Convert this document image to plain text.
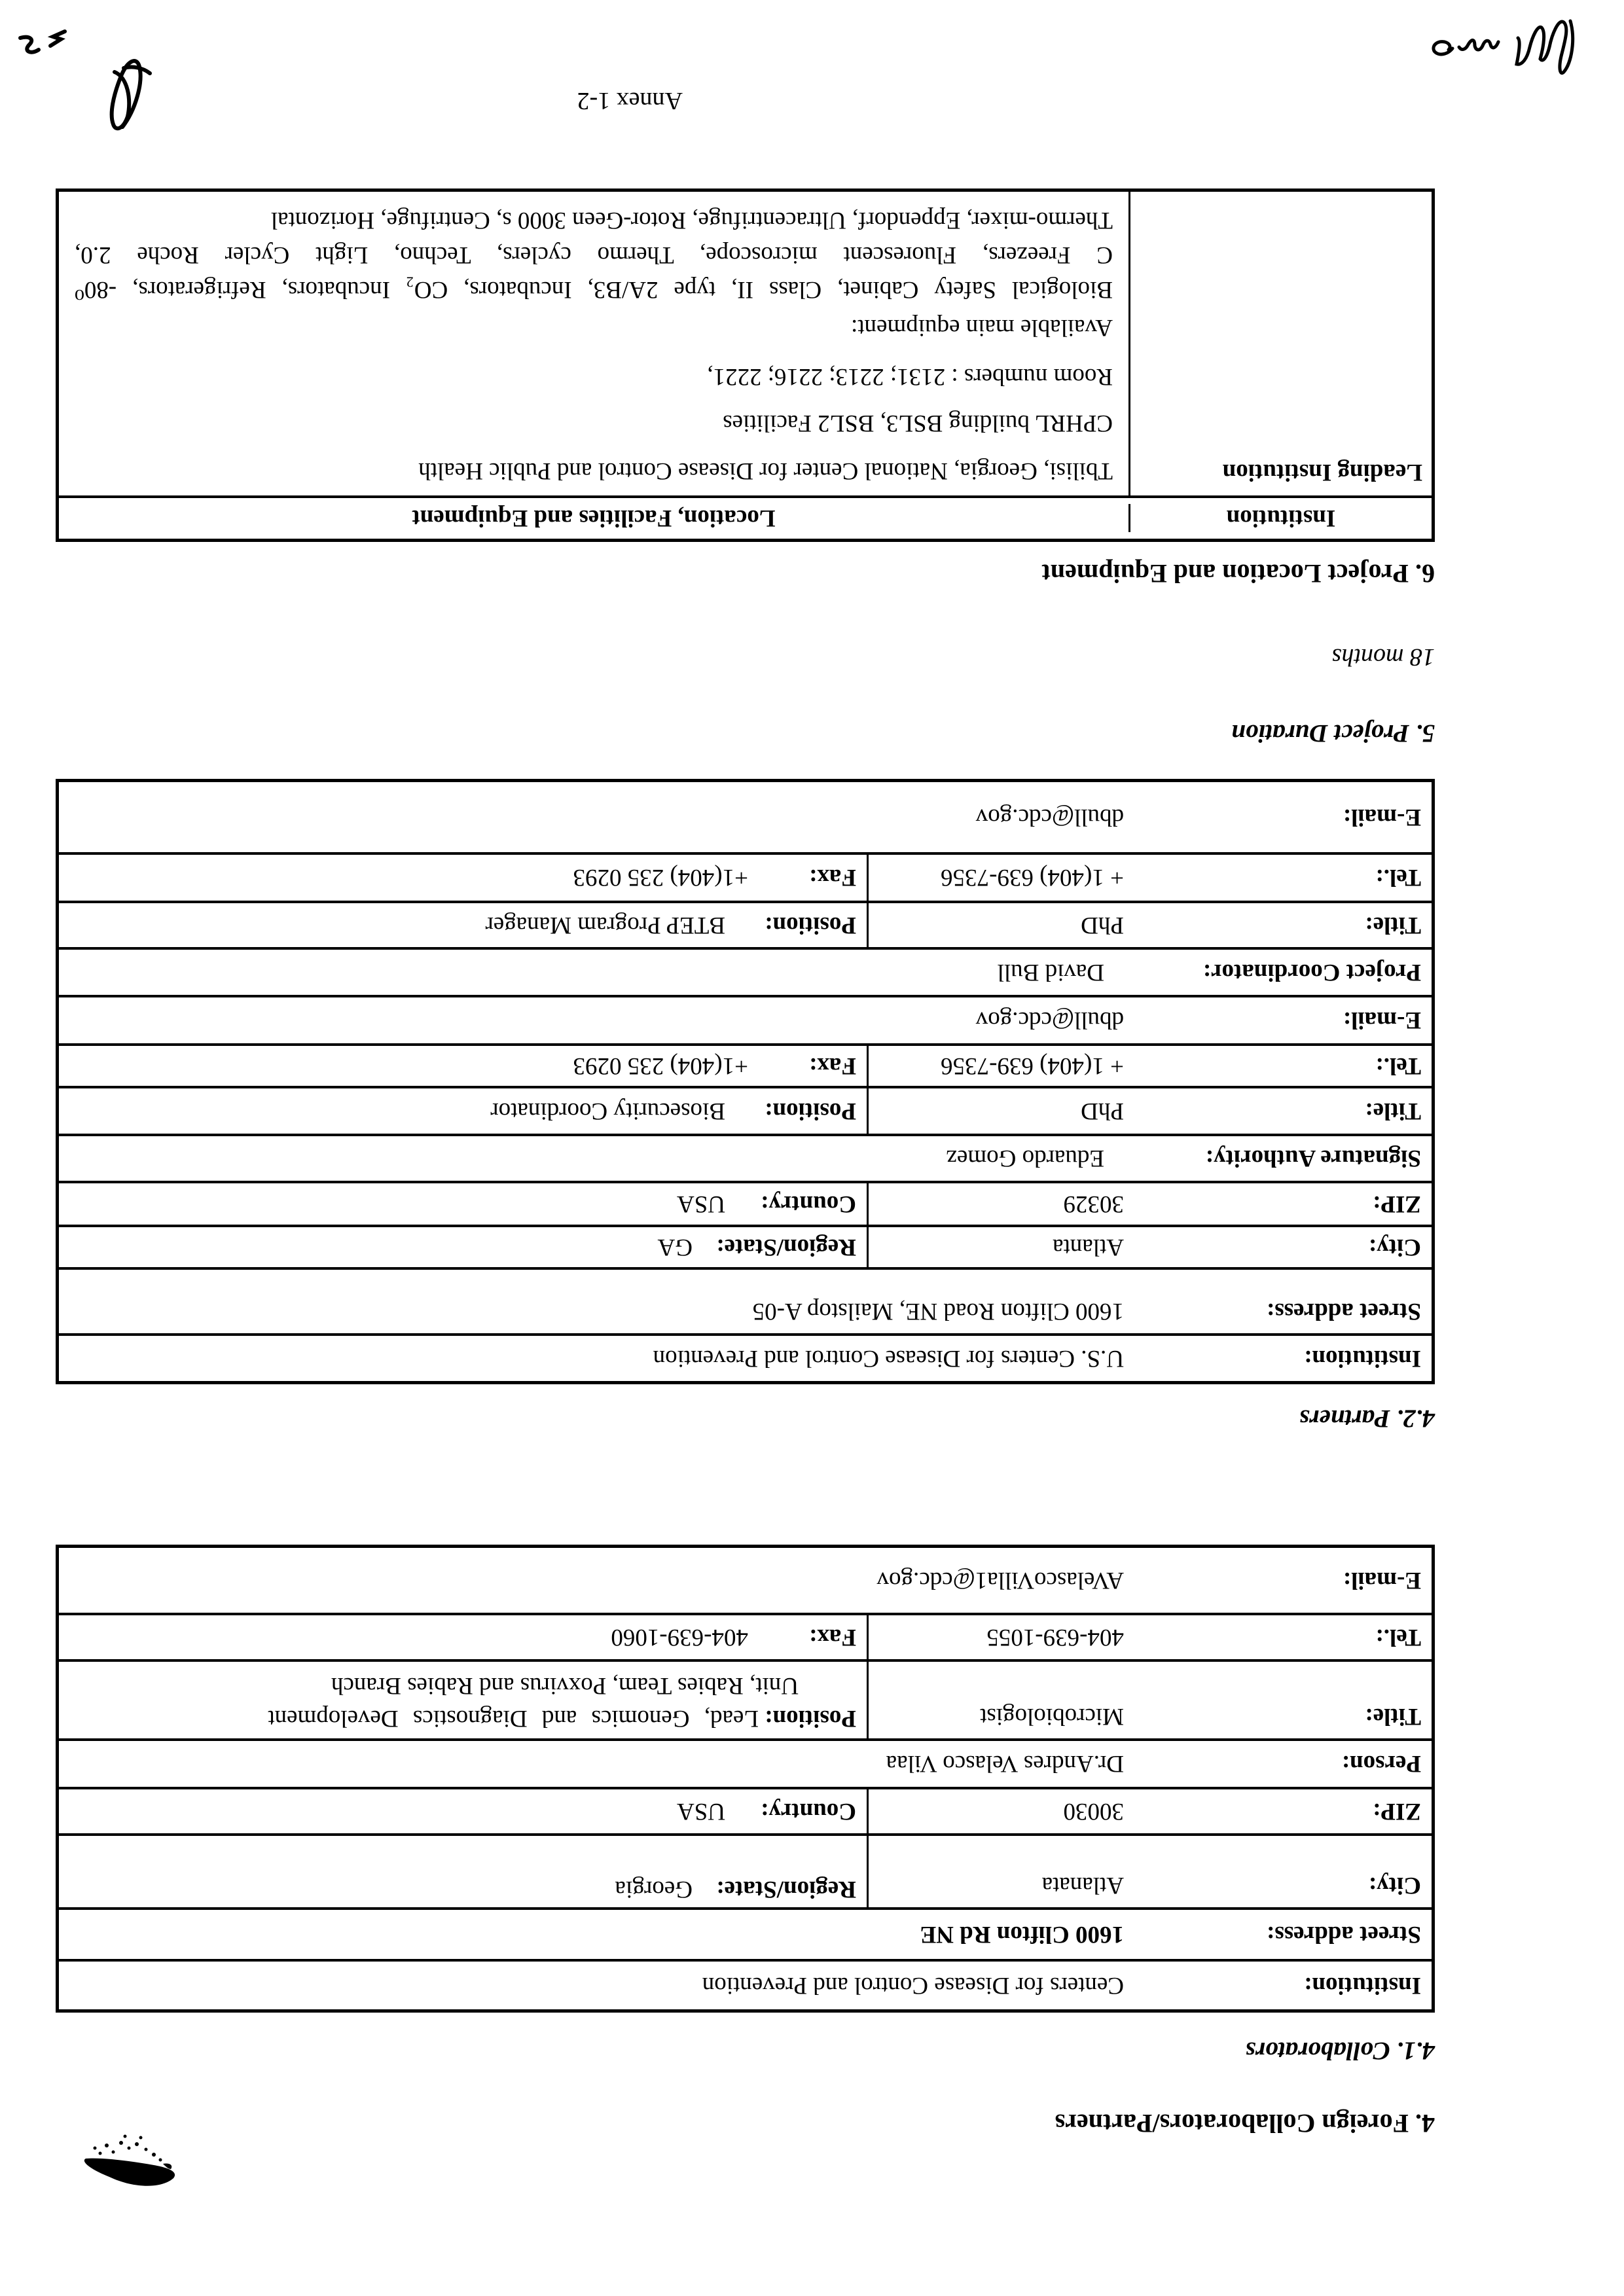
4. Foreign Collaborators/Partners
4.1. Collaborators
Institution:
Centers for Disease Control and Prevention
Street address:
1600 Clifton Rd NE
City:
Atlanata
Region/State:
Georgia
ZIP:
30030
Country:
USA
Person:
Dr.Andres Velasco Vilaa
Title:
Microbiologist
Position: Lead, Genomics and Diagnostics Development
Unit, Rabies Team, Poxvirus and Rabies Branch
Tel.:
404-639-1055
Fax:
404-639-1060
E-mail:
AVelascoVilla1@cdc.gov
4.2. Partners
Institution:
U.S. Centers for Disease Control and Prevention
Street address:
1600 Clifton Road NE, Mailstop A-05
City:
Atlanta
Region/State:
GA
ZIP:
30329
Country:
USA
Signature Authority:
Eduardo Gomez
Title:
PhD
Position:
Biosecurity Coordinator
Tel.:
+ 1(404) 639-7356
Fax:
+1(404) 235 0293
E-mail:
dbull@cdc.gov
Project Coordinator:
David Bull
Title:
PhD
Position:
BTEP Program Manager
Tel.:
+ 1(404) 639-7356
Fax:
+1(404) 235 0293
E-mail:
dbull@cdc.gov
5. Project Duration
18 months
6. Project Location and Equipment
Institution
Location, Facilities and Equipment
Leading Institution
Tbilisi, Georgia, National Center for Disease Control and Public Health
CPHRL building BSL3, BSL2 Facilities
Room numbers : 2131; 2213; 2216; 2221,
Available main equipment:
Biological Safety Cabinet, Class II, type 2A/B3, Incubators, CO₂ Incubators, Refrigerators, -80⁰
C Freezers, Fluorescent microscope, Thermo cyclers, Techno, Light Cycler Roche 2.0,
Thermo-mixer, Eppendorf, Ultracentrifuge, Rotor-Geen 3000 s, Centrifuge, Horizontal
Annex 1-2
